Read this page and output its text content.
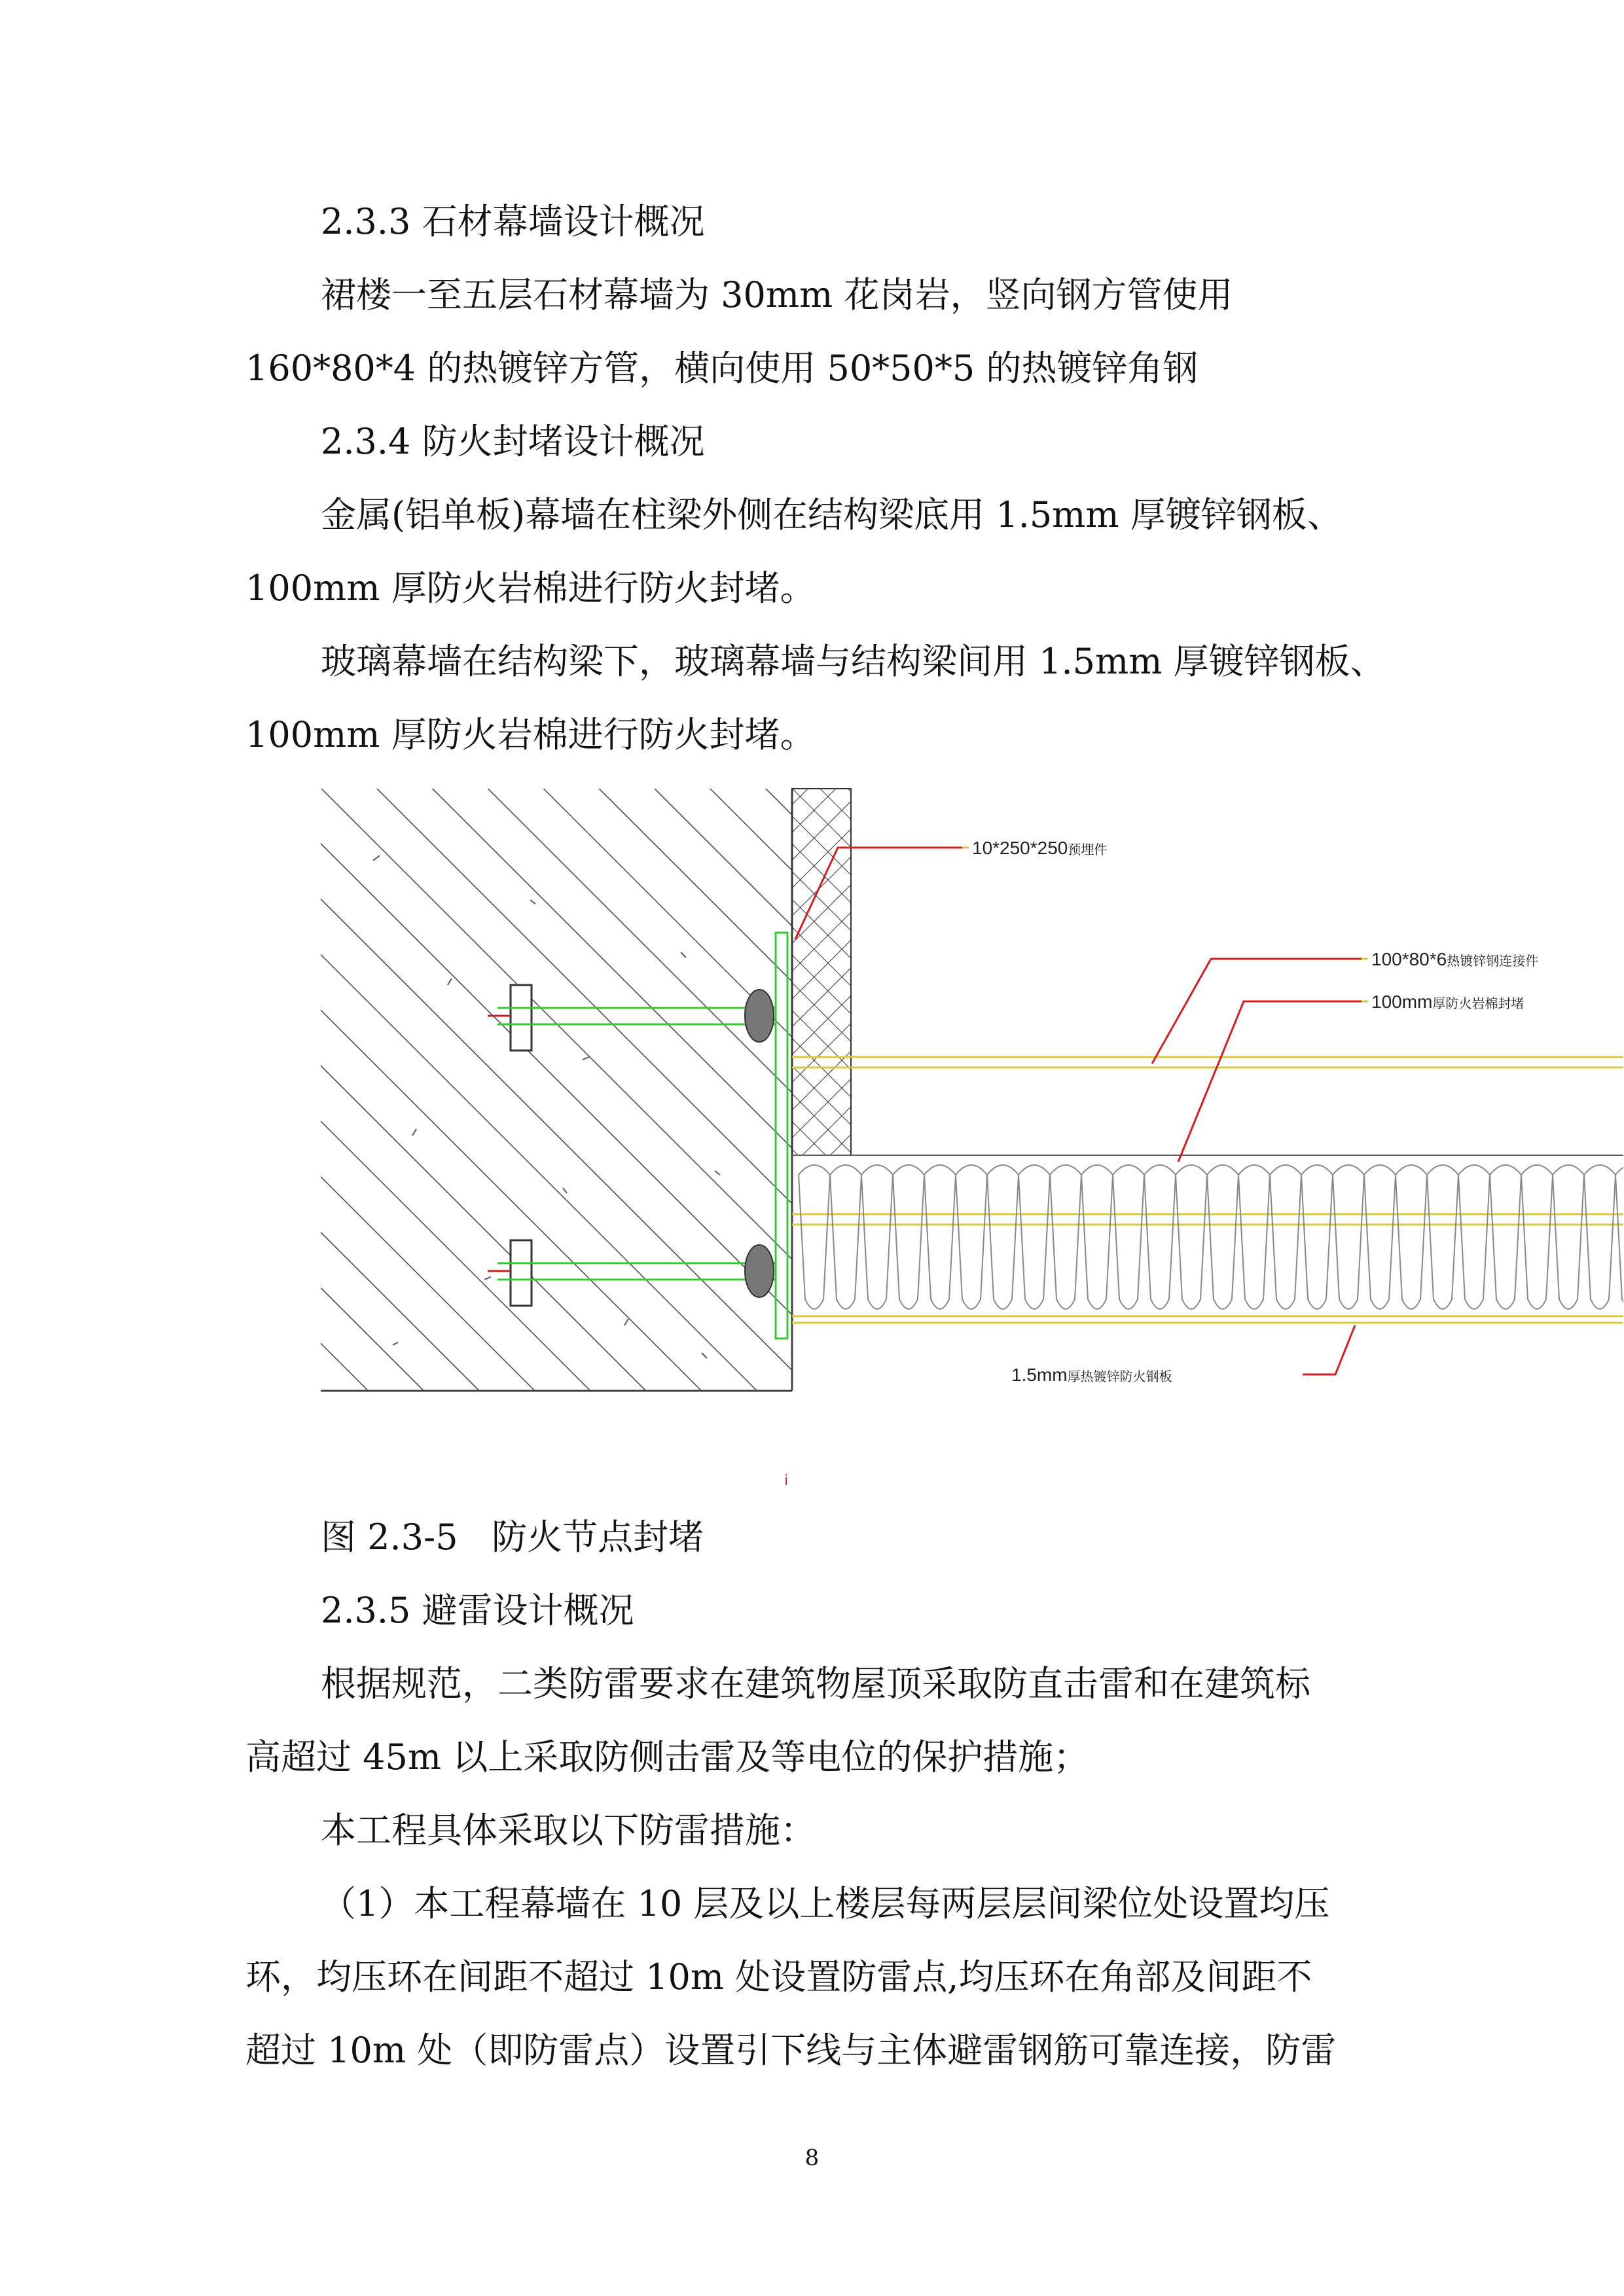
2.3.3 石材幕墙设计概况
裙楼一至五层石材幕墙为 30mm 花岗岩，竖向钢方管使用
160*80*4 的热镀锌方管，横向使用 50*50*5 的热镀锌角钢
2.3.4 防火封堵设计概况
金属(铝单板)幕墙在柱梁外侧在结构梁底用 1.5mm 厚镀锌钢板、
100mm 厚防火岩棉进行防火封堵。
玻璃幕墙在结构梁下，玻璃幕墙与结构梁间用 1.5mm 厚镀锌钢板、
100mm 厚防火岩棉进行防火封堵。
10*250*250预埋件
100*80*6热镀锌钢连接件
100mm厚防火岩棉封堵
1.5mm厚热镀锌防火钢板
i
图 2.3-5   防火节点封堵
2.3.5 避雷设计概况
根据规范，二类防雷要求在建筑物屋顶采取防直击雷和在建筑标
高超过 45m 以上采取防侧击雷及等电位的保护措施；
本工程具体采取以下防雷措施：
（1）本工程幕墙在 10 层及以上楼层每两层层间梁位处设置均压
环，均压环在间距不超过 10m 处设置防雷点,均压环在角部及间距不
超过 10m 处（即防雷点）设置引下线与主体避雷钢筋可靠连接，防雷
8
